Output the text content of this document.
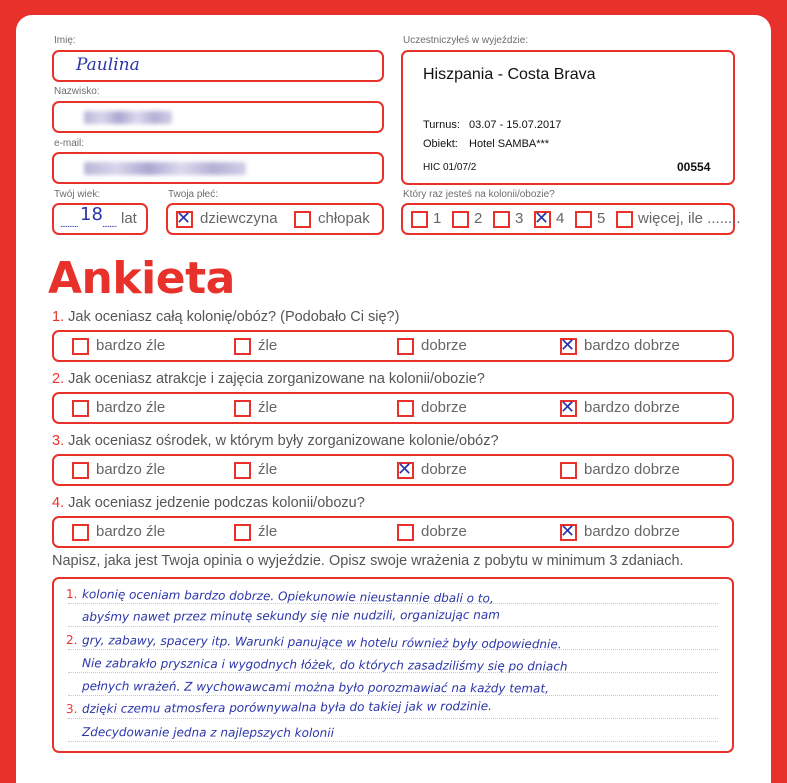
Imię:
Paulina
Nazwisko:
e-mail:
Twój wiek:
.......... 18 ........ lat
Twoja płeć:
✕ dziewczyna	chłopak
Uczestniczyłeś w wyjeździe:
Hiszpania - Costa Brava
Turnus: 03.07 - 15.07.2017
Obiekt: Hotel SAMBA***
HIC 01/07/2	00554
Który raz jesteś na kolonii/obozie?
1 2 3 ✕ 4 5 więcej, ile ........
Ankieta
1. Jak oceniasz całą kolonię/obóz? (Podobało Ci się?)
bardzo źle	źle	dobrze	✕ bardzo dobrze
2. Jak oceniasz atrakcje i zajęcia zorganizowane na kolonii/obozie?
bardzo źle	źle	dobrze	✕ bardzo dobrze
3. Jak oceniasz ośrodek, w którym były zorganizowane kolonie/obóz?
bardzo źle	źle	✕ dobrze	bardzo dobrze
4. Jak oceniasz jedzenie podczas kolonii/obozu?
bardzo źle	źle	dobrze	✕ bardzo dobrze
Napisz, jaka jest Twoja opinia o wyjeździe. Opisz swoje wrażenia z pobytu w minimum 3 zdaniach.
1. kolonię oceniam bardzo dobrze. Opiekunowie nieustannie dbali o to,
abyśmy nawet przez minutę sekundy się nie nudzili, organizując nam
2. gry, zabawy, spacery itp. Warunki panujące w hotelu również były odpowiednie.
Nie zabrakło prysznica i wygodnych łóżek, do których zasadziliśmy się po dniach
pełnych wrażeń. Z wychowawcami można było porozmawiać na każdy temat,
3. dzięki czemu atmosfera porównywalna była do takiej jak w rodzinie.
Zdecydowanie jedna z najlepszych kolonii
